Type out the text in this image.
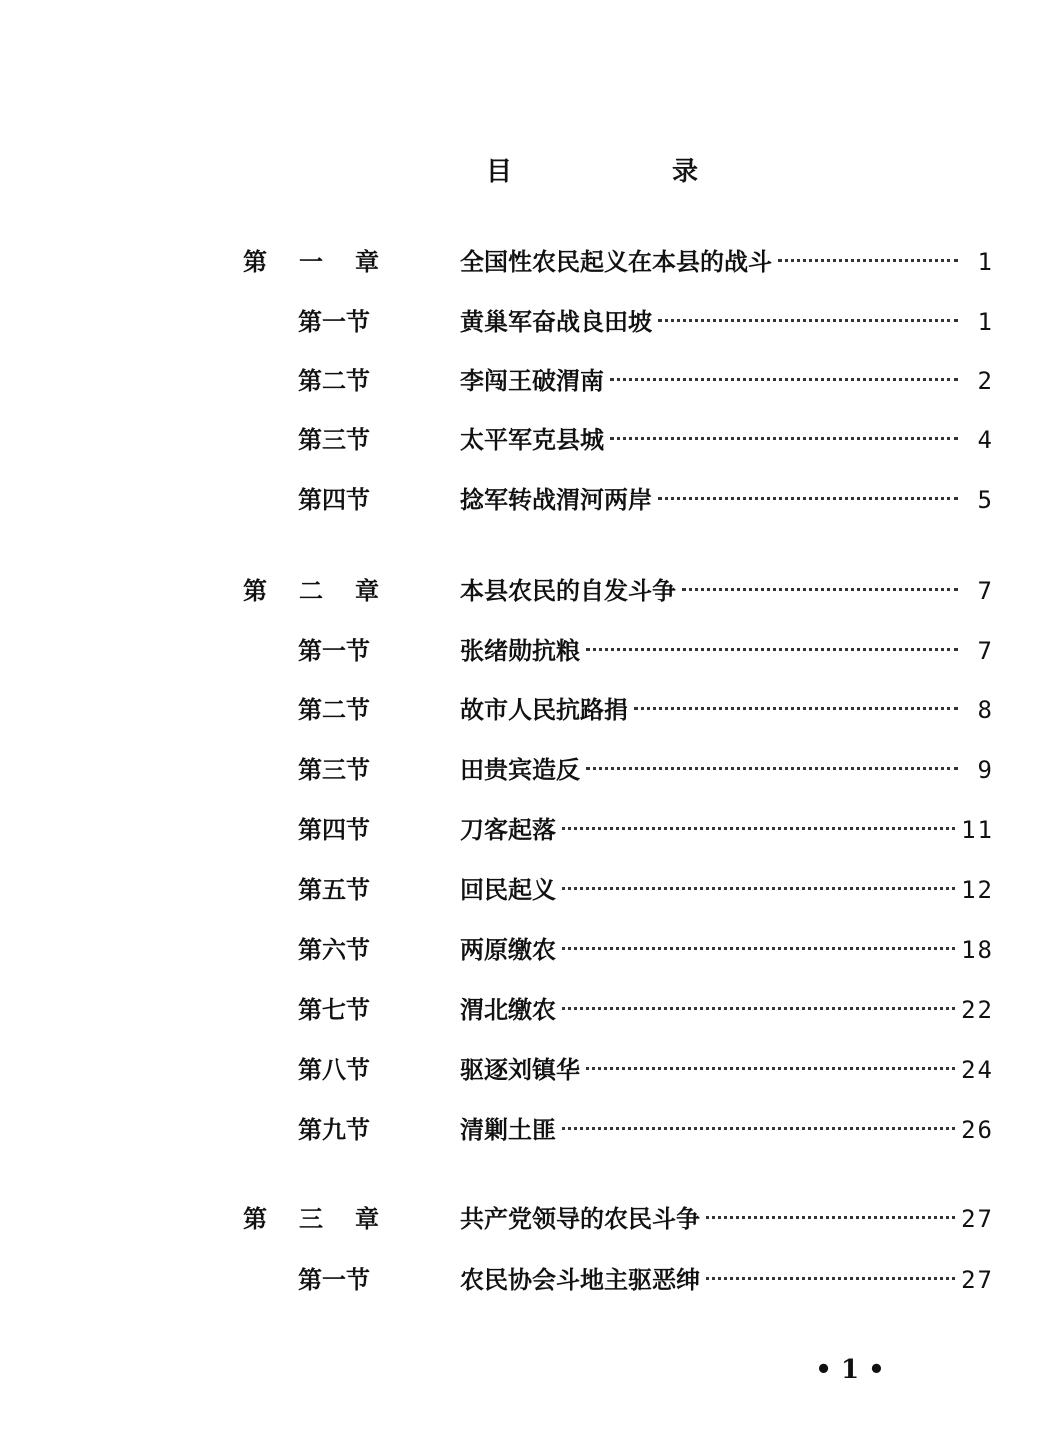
目	录
第 一 章	全国性农民起义在本县的战斗	1
第一节	黄巢军奋战良田坡	1
第二节	李闯王破渭南	2
第三节	太平军克县城	4
第四节	捻军转战渭河两岸	5
第 二 章	本县农民的自发斗争	7
第一节	张绪勋抗粮	7
第二节	故市人民抗路捐	8
第三节	田贵宾造反	9
第四节	刀客起落	11
第五节	回民起义	12
第六节	两原缴农	18
第七节	渭北缴农	22
第八节	驱逐刘镇华	24
第九节	清剿土匪	26
第 三 章	共产党领导的农民斗争	27
第一节	农民协会斗地主驱恶绅	27
• 1 •
